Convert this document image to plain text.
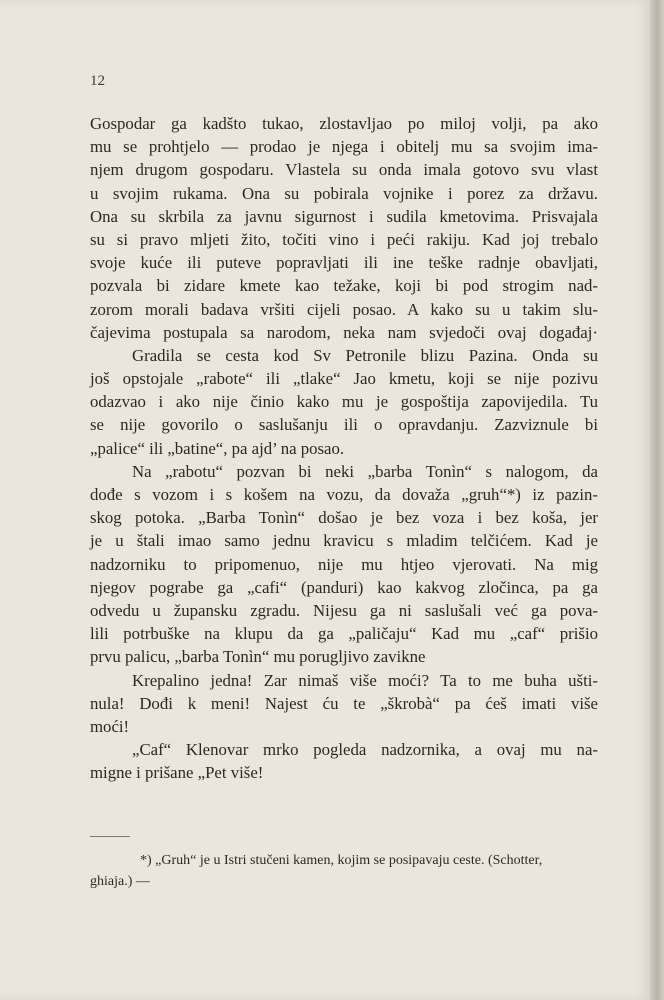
12
Gospodar ga kadšto tukao, zlostavljao po miloj volji, pa ako
mu se prohtjelo — prodao je njega i obitelj mu sa svojim ima-
njem drugom gospodaru. Vlastela su onda imala gotovo svu vlast
u svojim rukama. Ona su pobirala vojnike i porez za državu.
Ona su skrbila za javnu sigurnost i sudila kmetovima. Prisvajala
su si pravo mljeti žito, točiti vino i peći rakiju. Kad joj trebalo
svoje kuće ili puteve popravljati ili ine teške radnje obavljati,
pozvala bi zidare kmete kao težake, koji bi pod strogim nad-
zorom morali badava vršiti cijeli posao. A kako su u takim slu-
čajevima postupala sa narodom, neka nam svjedoči ovaj događaj·
Gradila se cesta kod Sv Petronile blizu Pazina. Onda su
još opstojale „rabote“ ili „tlake“ Jao kmetu, koji se nije pozivu
odazvao i ako nije činio kako mu je gospoštija zapovijedila. Tu
se nije govorilo o saslušanju ili o opravdanju. Zazviznule bi
„palice“ ili „batine“, pa ajd’ na posao.
Na „rabotu“ pozvan bi neki „barba Tonìn“ s nalogom, da
dođe s vozom i s košem na vozu, da dovaža „gruh“*) iz pazin-
skog potoka. „Barba Tonìn“ došao je bez voza i bez koša, jer
je u štali imao samo jednu kravicu s mladim telčićem. Kad je
nadzorniku to pripomenuo, nije mu htjeo vjerovati. Na mig
njegov pograbe ga „cafi“ (panduri) kao kakvog zločinca, pa ga
odvedu u župansku zgradu. Nijesu ga ni saslušali već ga pova-
lili potrbuške na klupu da ga „paličaju“ Kad mu „caf“ prišio
prvu palicu, „barba Tonìn“ mu porugljivo zavikne
Krepalino jedna! Zar nimaš više moći? Ta to me buha ušti-
nula! Dođi k meni! Najest ću te „škrobà“ pa ćeš imati više
moći!
„Caf“ Klenovar mrko pogleda nadzornika, a ovaj mu na-
migne i prišane „Pet više!
*) „Gruh“ je u Istri stučeni kamen, kojim se posipavaju ceste. (Schotter,
ghiaja.) —
